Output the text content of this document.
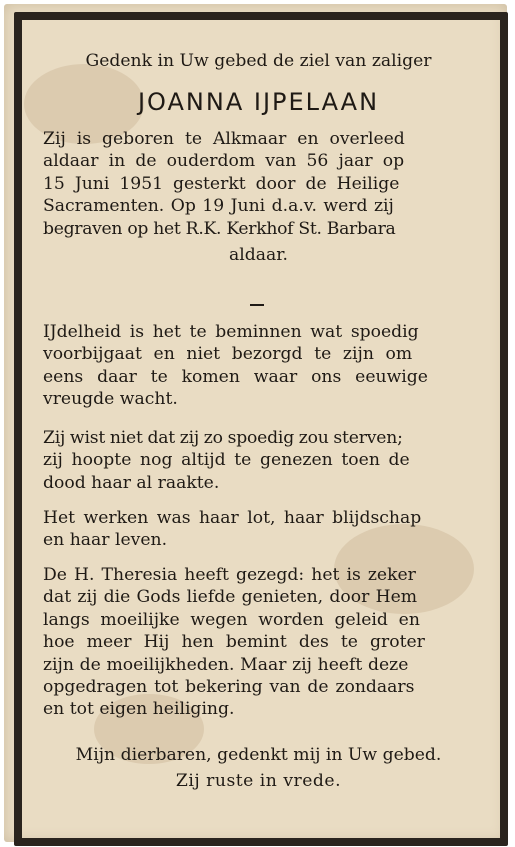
Gedenk in Uw gebed de ziel van zaliger
JOANNA IJPELAAN
Zij is geboren te Alkmaar en overleed
aldaar in de ouderdom van 56 jaar op
15 Juni 1951 gesterkt door de Heilige
Sacramenten. Op 19 Juni d.a.v. werd zij
begraven op het R.K. Kerkhof St. Barbara
aldaar.
IJdelheid is het te beminnen wat spoedig
voorbijgaat en niet bezorgd te zijn om
eens daar te komen waar ons eeuwige
vreugde wacht.
Zij wist niet dat zij zo spoedig zou sterven;
zij hoopte nog altijd te genezen toen de
dood haar al raakte.
Het werken was haar lot, haar blijdschap
en haar leven.
De H. Theresia heeft gezegd: het is zeker
dat zij die Gods liefde genieten, door Hem
langs moeilijke wegen worden geleid en
hoe meer Hij hen bemint des te groter
zijn de moeilijkheden. Maar zij heeft deze
opgedragen tot bekering van de zondaars
en tot eigen heiliging.
Mijn dierbaren, gedenkt mij in Uw gebed.
Zij ruste in vrede.
